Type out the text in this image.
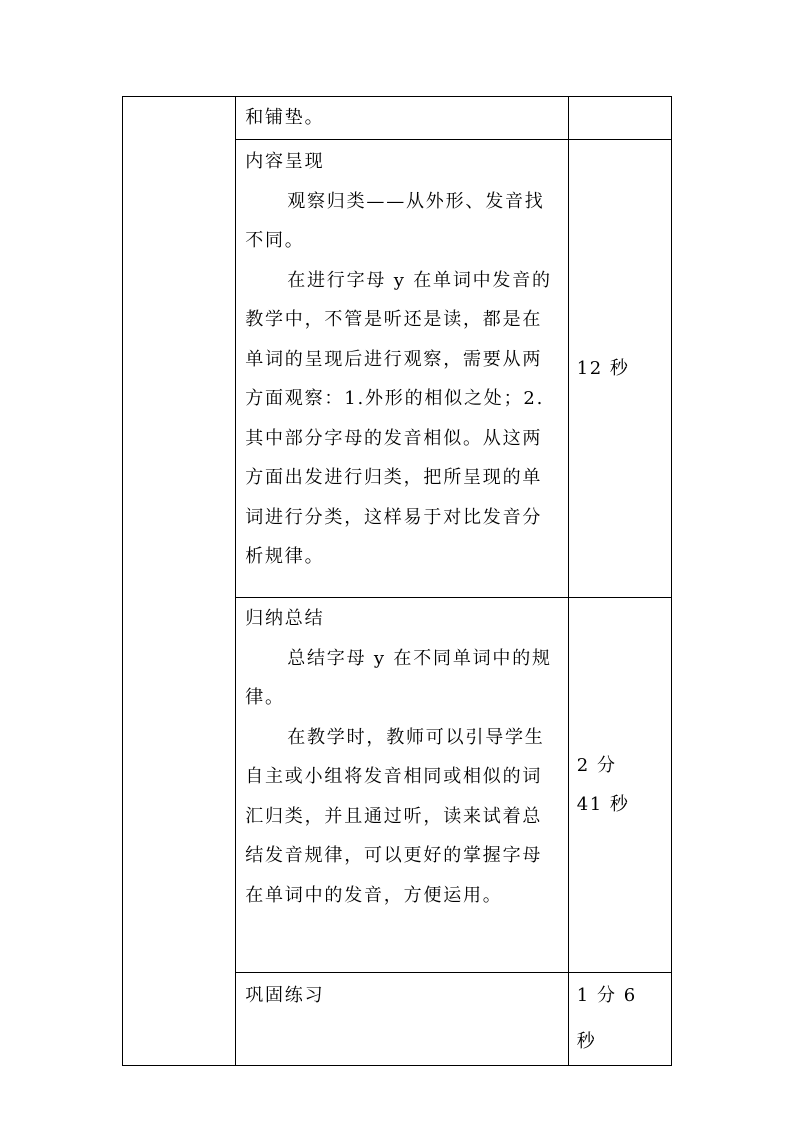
	和铺垫。	

	内容呈现

观察归类——从外形、发音找不同。

在进行字母 y 在单词中发音的教学中，不管是听还是读，都是在单词的呈现后进行观察，需要从两方面观察：1.外形的相似之处；2.其中部分字母的发音相似。从这两方面出发进行归类，把所呈现的单词进行分类，这样易于对比发音分析规律。	12 秒

	归纳总结

总结字母 y 在不同单词中的规律。

在教学时，教师可以引导学生自主或小组将发音相同或相似的词汇归类，并且通过听，读来试着总结发音规律，可以更好的掌握字母在单词中的发音，方便运用。	2 分 41 秒

	巩固练习	1 分 6 秒
